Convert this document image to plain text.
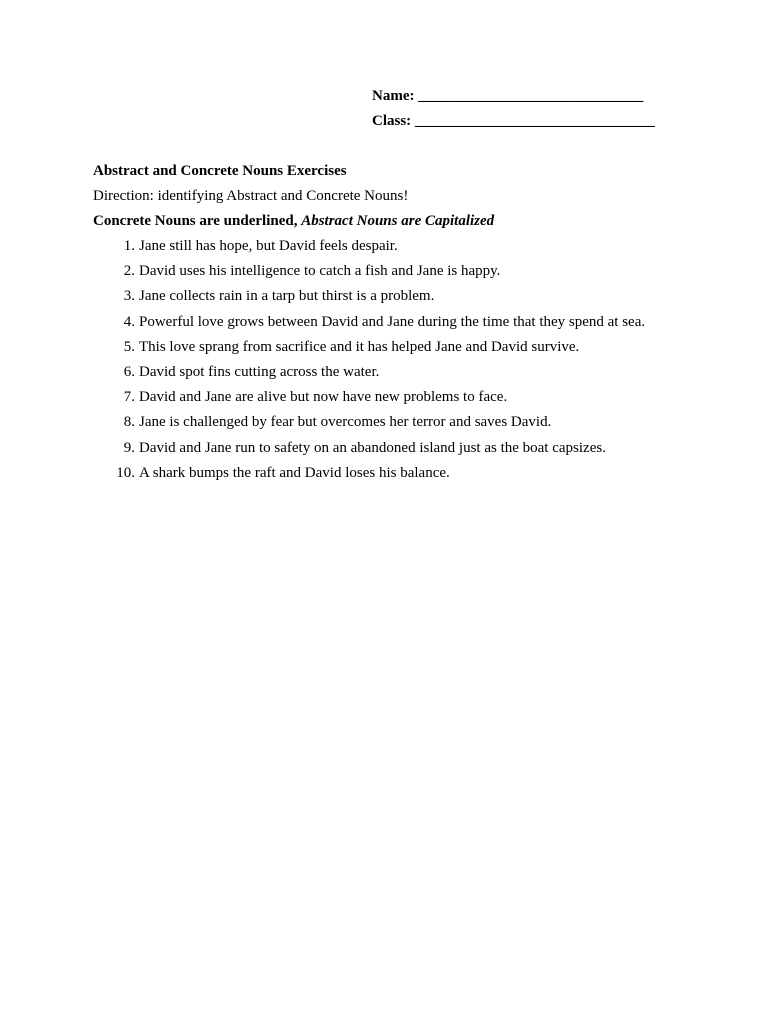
Name: ______________________________
Class: ________________________________
Abstract and Concrete Nouns Exercises
Direction: identifying Abstract and Concrete Nouns!
Concrete Nouns are underlined, Abstract Nouns are Capitalized
1. Jane still has hope, but David feels despair.
2. David uses his intelligence to catch a fish and Jane is happy.
3. Jane collects rain in a tarp but thirst is a problem.
4. Powerful love grows between David and Jane during the time that they spend at sea.
5. This love sprang from sacrifice and it has helped Jane and David survive.
6. David spot fins cutting across the water.
7. David and Jane are alive but now have new problems to face.
8. Jane is challenged by fear but overcomes her terror and saves David.
9. David and Jane run to safety on an abandoned island just as the boat capsizes.
10. A shark bumps the raft and David loses his balance.
